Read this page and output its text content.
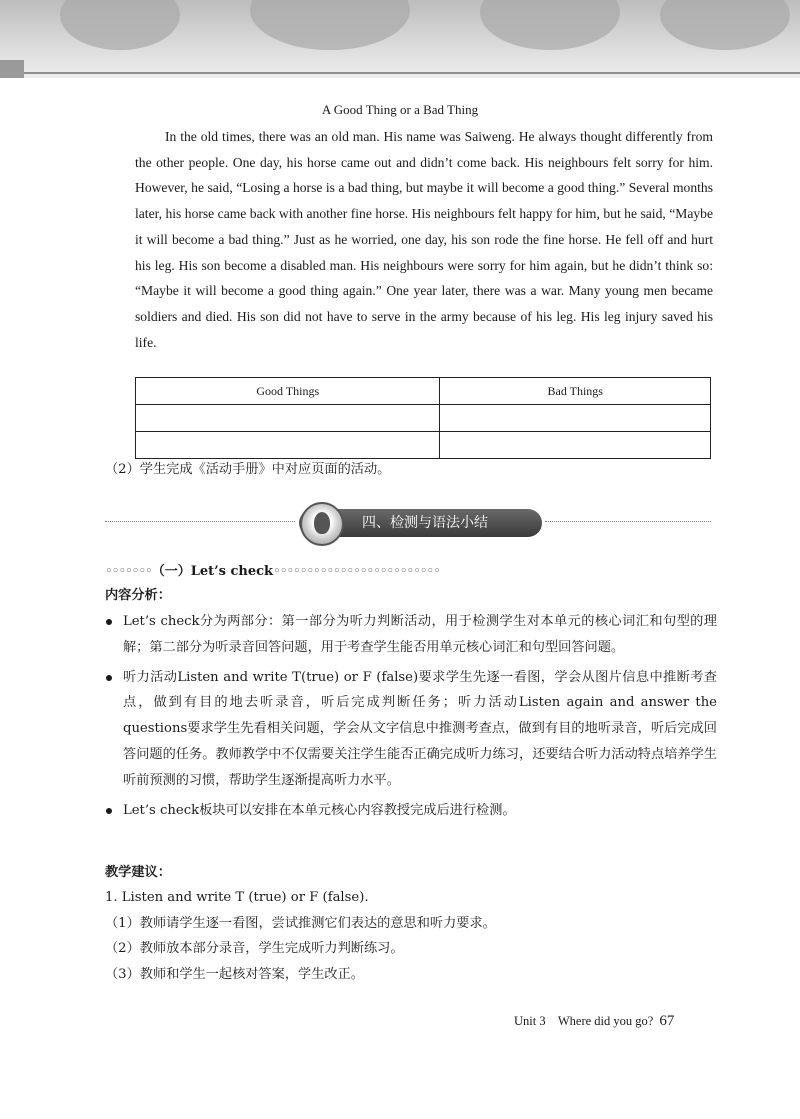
A Good Thing or a Bad Thing

In the old times, there was an old man. His name was Saiweng. He always thought differently from the other people. One day, his horse came out and didn’t come back. His neighbours felt sorry for him. However, he said, “Losing a horse is a bad thing, but maybe it will become a good thing.” Several months later, his horse came back with another fine horse. His neighbours felt happy for him, but he said, “Maybe it will become a bad thing.” Just as he worried, one day, his son rode the fine horse. He fell off and hurt his leg. His son become a disabled man. His neighbours were sorry for him again, but he didn’t think so: “Maybe it will become a good thing again.” One year later, there was a war. Many young men became soldiers and died. His son did not have to serve in the army because of his leg. His leg injury saved his life.

Good Things	Bad Things

（2）学生完成《活动手册》中对应页面的活动。
四、检测与语法小结
◦◦◦◦◦◦◦（一）Let’s check◦◦◦◦◦◦◦◦◦◦◦◦◦◦◦◦◦◦◦◦◦◦◦◦◦
内容分析：

Let’s check分为两部分：第一部分为听力判断活动，用于检测学生对本单元的核心词汇和句型的理解；第二部分为听录音回答问题，用于考查学生能否用单元核心词汇和句型回答问题。

听力活动Listen and write T(true) or F (false)要求学生先逐一看图，学会从图片信息中推断考查点，做到有目的地去听录音，听后完成判断任务；听力活动Listen again and answer the questions要求学生先看相关问题，学会从文字信息中推测考查点，做到有目的地听录音，听后完成回答问题的任务。教师教学中不仅需要关注学生能否正确完成听力练习，还要结合听力活动特点培养学生听前预测的习惯，帮助学生逐渐提高听力水平。

Let’s check板块可以安排在本单元核心内容教授完成后进行检测。

教学建议：
1. Listen and write T (true) or F (false).
（1）教师请学生逐一看图，尝试推测它们表达的意思和听力要求。
（2）教师放本部分录音，学生完成听力判断练习。
（3）教师和学生一起核对答案，学生改正。
Unit 3    Where did you go? 67
